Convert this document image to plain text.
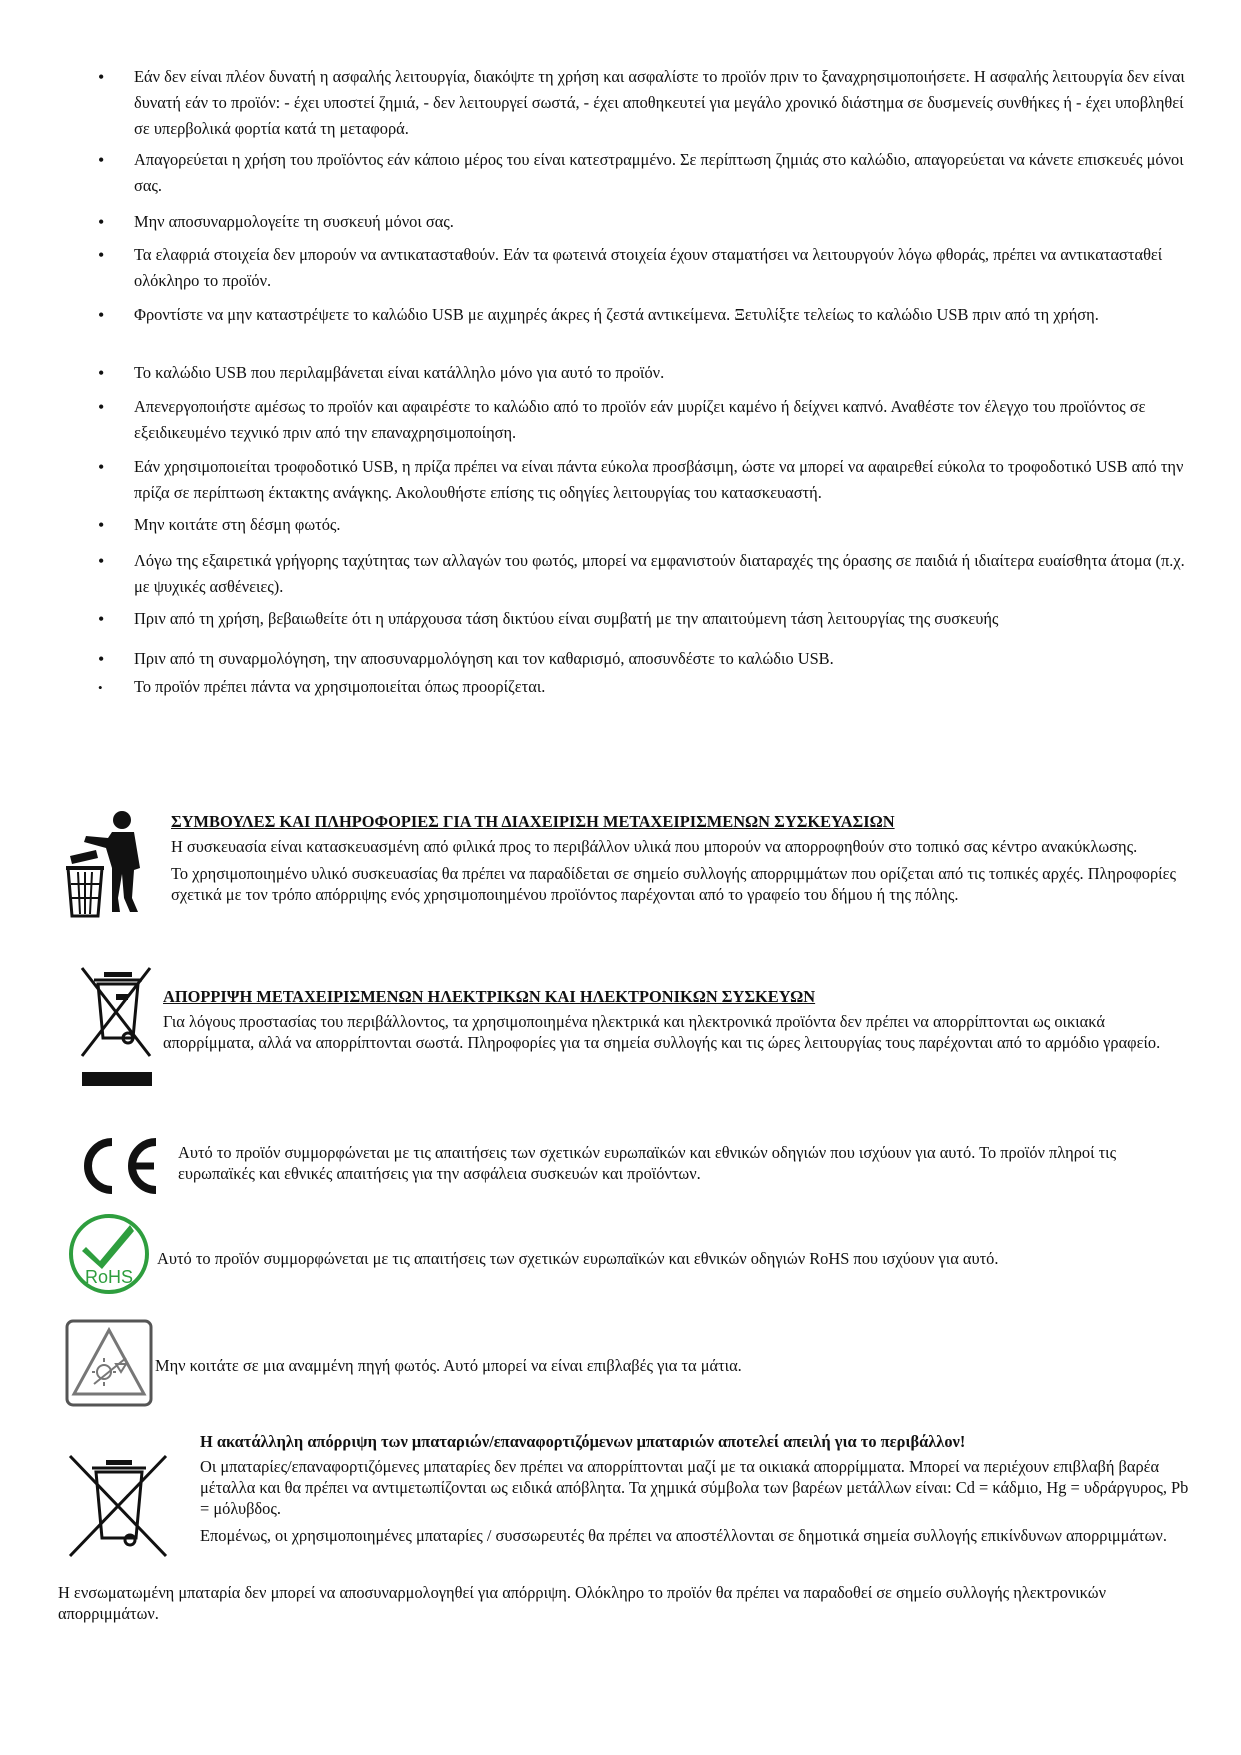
• Εάν δεν είναι πλέον δυνατή η ασφαλής λειτουργία, διακόψτε τη χρήση και ασφαλίστε το προϊόν πριν το ξαναχρησιμοποιήσετε. Η ασφαλής λειτουργία δεν είναι δυνατή εάν το προϊόν: - έχει υποστεί ζημιά, - δεν λειτουργεί σωστά, - έχει αποθηκευτεί για μεγάλο χρονικό διάστημα σε δυσμενείς συνθήκες ή - έχει υποβληθεί σε υπερβολικά φορτία κατά τη μεταφορά.
• Απαγορεύεται η χρήση του προϊόντος εάν κάποιο μέρος του είναι κατεστραμμένο. Σε περίπτωση ζημιάς στο καλώδιο, απαγορεύεται να κάνετε επισκευές μόνοι σας.
• Μην αποσυναρμολογείτε τη συσκευή μόνοι σας.
• Τα ελαφριά στοιχεία δεν μπορούν να αντικατασταθούν. Εάν τα φωτεινά στοιχεία έχουν σταματήσει να λειτουργούν λόγω φθοράς, πρέπει να αντικατασταθεί ολόκληρο το προϊόν.
• Φροντίστε να μην καταστρέψετε το καλώδιο USB με αιχμηρές άκρες ή ζεστά αντικείμενα. Ξετυλίξτε τελείως το καλώδιο USB πριν από τη χρήση.
• Το καλώδιο USB που περιλαμβάνεται είναι κατάλληλο μόνο για αυτό το προϊόν.
• Απενεργοποιήστε αμέσως το προϊόν και αφαιρέστε το καλώδιο από το προϊόν εάν μυρίζει καμένο ή δείχνει καπνό. Αναθέστε τον έλεγχο του προϊόντος σε εξειδικευμένο τεχνικό πριν από την επαναχρησιμοποίηση.
• Εάν χρησιμοποιείται τροφοδοτικό USB, η πρίζα πρέπει να είναι πάντα εύκολα προσβάσιμη, ώστε να μπορεί να αφαιρεθεί εύκολα το τροφοδοτικό USB από την πρίζα σε περίπτωση έκτακτης ανάγκης. Ακολουθήστε επίσης τις οδηγίες λειτουργίας του κατασκευαστή.
• Μην κοιτάτε στη δέσμη φωτός.
• Λόγω της εξαιρετικά γρήγορης ταχύτητας των αλλαγών του φωτός, μπορεί να εμφανιστούν διαταραχές της όρασης σε παιδιά ή ιδιαίτερα ευαίσθητα άτομα (π.χ. με ψυχικές ασθένειες).
• Πριν από τη χρήση, βεβαιωθείτε ότι η υπάρχουσα τάση δικτύου είναι συμβατή με την απαιτούμενη τάση λειτουργίας της συσκευής
• Πριν από τη συναρμολόγηση, την αποσυναρμολόγηση και τον καθαρισμό, αποσυνδέστε το καλώδιο USB.
• Το προϊόν πρέπει πάντα να χρησιμοποιείται όπως προορίζεται.

ΣΥΜΒΟΥΛΕΣ ΚΑΙ ΠΛΗΡΟΦΟΡΙΕΣ ΓΙΑ ΤΗ ΔΙΑΧΕΙΡΙΣΗ ΜΕΤΑΧΕΙΡΙΣΜΕΝΩΝ ΣΥΣΚΕΥΑΣΙΩΝ

Η συσκευασία είναι κατασκευασμένη από φιλικά προς το περιβάλλον υλικά που μπορούν να απορροφηθούν στο τοπικό σας κέντρο ανακύκλωσης.

Το χρησιμοποιημένο υλικό συσκευασίας θα πρέπει να παραδίδεται σε σημείο συλλογής απορριμμάτων που ορίζεται από τις τοπικές αρχές. Πληροφορίες σχετικά με τον τρόπο απόρριψης ενός χρησιμοποιημένου προϊόντος παρέχονται από το γραφείο του δήμου ή της πόλης.

ΑΠΟΡΡΙΨΗ ΜΕΤΑΧΕΙΡΙΣΜΕΝΩΝ ΗΛΕΚΤΡΙΚΩΝ ΚΑΙ ΗΛΕΚΤΡΟΝΙΚΩΝ ΣΥΣΚΕΥΩΝ

Για λόγους προστασίας του περιβάλλοντος, τα χρησιμοποιημένα ηλεκτρικά και ηλεκτρονικά προϊόντα δεν πρέπει να απορρίπτονται ως οικιακά απορρίμματα, αλλά να απορρίπτονται σωστά. Πληροφορίες για τα σημεία συλλογής και τις ώρες λειτουργίας τους παρέχονται από το αρμόδιο γραφείο.

Αυτό το προϊόν συμμορφώνεται με τις απαιτήσεις των σχετικών ευρωπαϊκών και εθνικών οδηγιών που ισχύουν για αυτό. Το προϊόν πληροί τις ευρωπαϊκές και εθνικές απαιτήσεις για την ασφάλεια συσκευών και προϊόντων.

RoHS

Αυτό το προϊόν συμμορφώνεται με τις απαιτήσεις των σχετικών ευρωπαϊκών και εθνικών οδηγιών RoHS που ισχύουν για αυτό.

Μην κοιτάτε σε μια αναμμένη πηγή φωτός. Αυτό μπορεί να είναι επιβλαβές για τα μάτια.

Η ακατάλληλη απόρριψη των μπαταριών/επαναφορτιζόμενων μπαταριών αποτελεί απειλή για το περιβάλλον!

Οι μπαταρίες/επαναφορτιζόμενες μπαταρίες δεν πρέπει να απορρίπτονται μαζί με τα οικιακά απορρίμματα. Μπορεί να περιέχουν επιβλαβή βαρέα μέταλλα και θα πρέπει να αντιμετωπίζονται ως ειδικά απόβλητα. Τα χημικά σύμβολα των βαρέων μετάλλων είναι: Cd = κάδμιο, Hg = υδράργυρος, Pb = μόλυβδος.

Επομένως, οι χρησιμοποιημένες μπαταρίες / συσσωρευτές θα πρέπει να αποστέλλονται σε δημοτικά σημεία συλλογής επικίνδυνων απορριμμάτων.

Η ενσωματωμένη μπαταρία δεν μπορεί να αποσυναρμολογηθεί για απόρριψη. Ολόκληρο το προϊόν θα πρέπει να παραδοθεί σε σημείο συλλογής ηλεκτρονικών απορριμμάτων.
